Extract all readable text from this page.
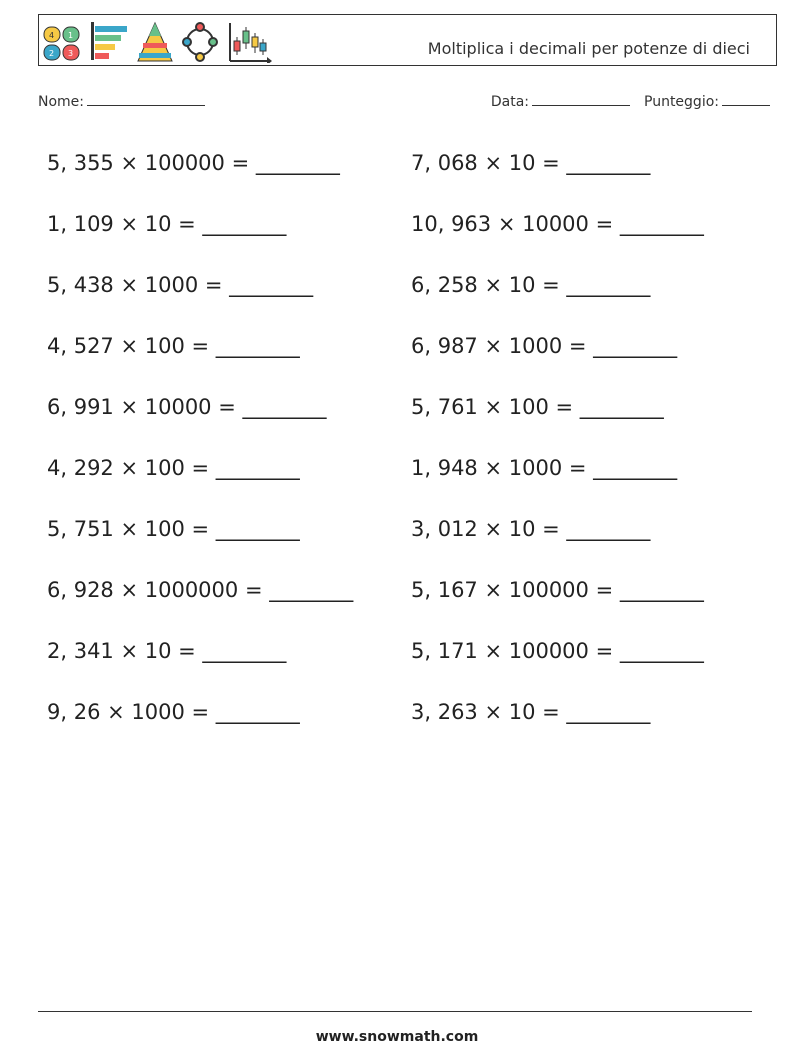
4 1
2 3	Moltiplica i decimali per potenze di dieci
Nome:	Data:	Punteggio:
5, 355 × 100000 = ________
1, 109 × 10 = ________
5, 438 × 1000 = ________
4, 527 × 100 = ________
6, 991 × 10000 = ________
4, 292 × 100 = ________
5, 751 × 100 = ________
6, 928 × 1000000 = ________
2, 341 × 10 = ________
9, 26 × 1000 = ________
7, 068 × 10 = ________
10, 963 × 10000 = ________
6, 258 × 10 = ________
6, 987 × 1000 = ________
5, 761 × 100 = ________
1, 948 × 1000 = ________
3, 012 × 10 = ________
5, 167 × 100000 = ________
5, 171 × 100000 = ________
3, 263 × 10 = ________
www.snowmath.com
